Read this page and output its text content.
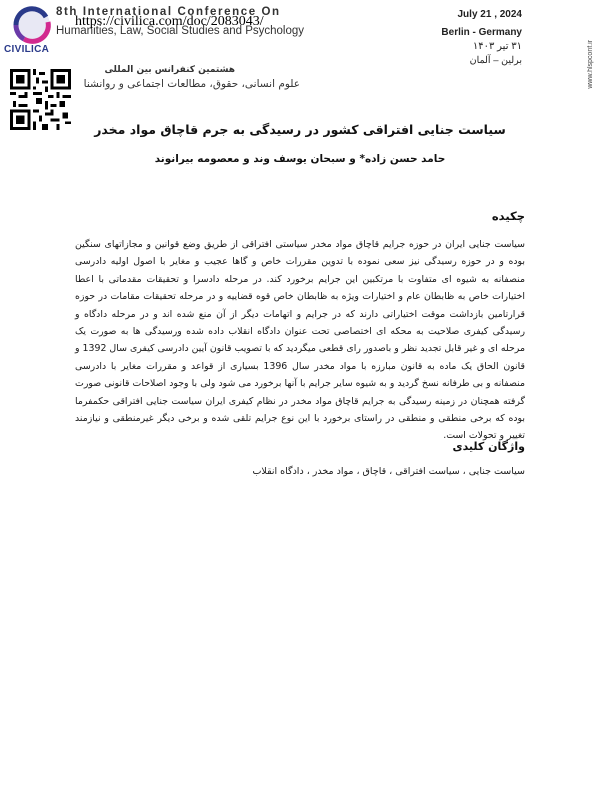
CIVILICA
8th International Conference On
Humanities, Law, Social Studies and Psychology
https://civilica.com/doc/2083043/	July 21 , 2024
Berlin - Germany
۳۱ تیر ۱۴۰۳
برلین – آلمان	www.hlspconf.ir
هشتمین کنفرانس بین المللی
علوم انسانی، حقوق، مطالعات اجتماعی و روانشنا
سیاست جنایی افتراقی کشور در رسیدگی به جرم قاچاق مواد مخدر
حامد حسن زاده* و سبحان یوسف وند و معصومه بیرانوند
چکیده
سیاست جنایی ایران در حوزه جرایم قاچاق مواد مخدر سیاستی افتراقی از طریق وضع قوانین و مجازاتهای سنگین بوده و در حوزه رسیدگی نیز سعی نموده با تدوین مقررات خاص و گاها عجیب و مغایر با اصول اولیه دادرسی منصفانه به شیوه ای متفاوت با مرتکبین این جرایم برخورد کند. در مرحله دادسرا و تحقیقات مقدماتی با اعطا اختیارات خاص به ظابطان عام و اختیارات ویژه به ظابطان خاص قوه قضاییه و در مرحله تحقیقات مقامات در حوزه قرارتامین بازداشت موقت اختیاراتی دارند که در جرایم و اتهامات دیگر از آن منع شده اند و در مرحله دادگاه و رسیدگی کیفری صلاحیت به محکه ای اختصاصی تحت عنوان دادگاه انقلاب داده شده ورسیدگی ها به صورت یک مرحله ای و غیر قابل تجدید نظر و باصدور رای قطعی میگردید که با تصویب قانون آیین دادرسی کیفری سال 1392 و قانون الحاق یک ماده به قانون مبارزه با مواد مخدر سال 1396 بسیاری از قواعد و مقررات مغایر با دادرسی منصفانه و بی طرفانه نسخ گردید و به شیوه سایر جرایم با آنها برخورد می شود ولی با وجود اصلاحات قانونی صورت گرفته همچنان در زمینه رسیدگی به جرایم قاچاق مواد مخدر در نظام کیفری ایران سیاست جنایی افتراقی حکمفرما بوده که برخی منطقی و منطقی در راستای برخورد با این نوع جرایم تلقی شده و برخی دیگر غیرمنطقی و نیازمند تغییر و تحولات است.
واژگان کلیدی
سیاست جنایی ، سیاست افتراقی ، قاچاق ، مواد مخدر ، دادگاه انقلاب
